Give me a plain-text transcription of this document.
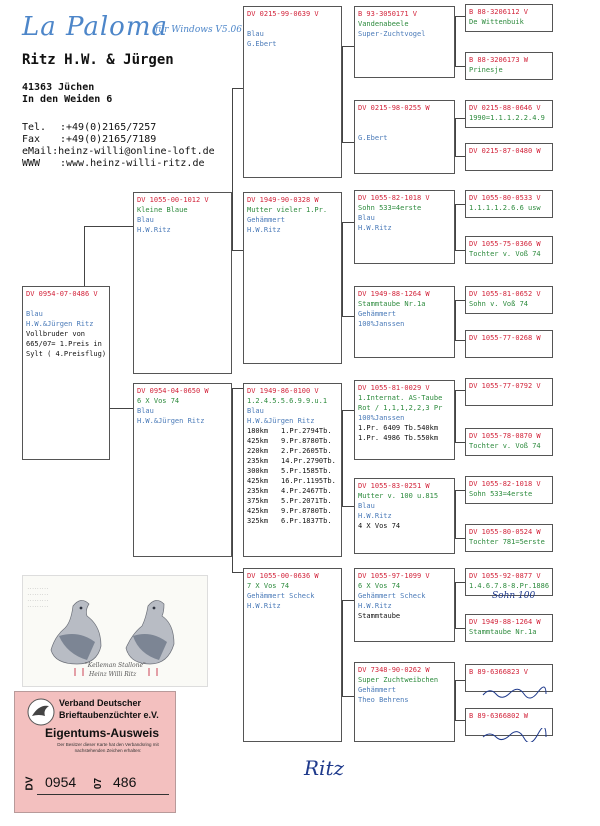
La Paloma
für Windows V5.06
Ritz H.W. & Jürgen
41363 Jüchen
In den Weiden 6
Tel.	:+49(0)2165/7257
Fax	:+49(0)2165/7189
eMail:heinz-willi@online-loft.de
WWW	:www.heinz-willi-ritz.de
DV 0954-07-0486 V

Blau
H.W.&Jürgen Ritz
Vollbruder von
665/07= 1.Preis in
Sylt ( 4.Preisflug)
DV 1055-00-1012 V
Kleine Blaue
Blau
H.W.Ritz
DV 0954-04-0650 W
6 X Vos 74
Blau
H.W.&Jürgen Ritz
DV 0215-99-0639 V

Blau
G.Ebert
DV 1949-90-0328 W
Mutter vieler 1.Pr.
Gehämmert
H.W.Ritz
DV 1949-86-0100 V
1.2.4.5.5.6.9.9.u.1
Blau
H.W.&Jürgen Ritz
180km	1.Pr.2794Tb.
425km	9.Pr.8780Tb.
220km	2.Pr.2605Tb.
235km	14.Pr.2790Tb.
300km	5.Pr.1585Tb.
425km	16.Pr.1195Tb.
235km	4.Pr.2467Tb.
375km	5.Pr.2071Tb.
425km	9.Pr.8780Tb.
325km	6.Pr.1837Tb.
DV 1055-00-0636 W
7 X Vos 74
Gehämmert Scheck
H.W.Ritz
B 93-3050171 V
Vandenabeele
Super-Zuchtvogel
DV 0215-98-0255 W

G.Ebert
DV 1055-82-1018 V
Sohn 533=4erste
Blau
H.W.Ritz
DV 1949-88-1264 W
Stammtaube Nr.1a
Gehämmert
100%Janssen
DV 1055-81-0029 V
1.Internat. AS-Taube
Rot / 1,1,1,2,2,3 Pr
100%Janssen
1.Pr. 6409 Tb.540km
1.Pr. 4986 Tb.550km
DV 1055-83-0251 W
Mutter v. 100 u.815
Blau
H.W.Ritz
4 X Vos 74
DV 1055-97-1099 V
6 X Vos 74
Gehämmert Scheck
H.W.Ritz
Stammtaube
DV 7348-90-0262 W
Super Zuchtweibchen
Gehämmert
Theo Behrens
B 88-3206112 V
De Wittenbuik
B 88-3206173 W
Prinesje
DV 0215-88-0646 V
1990=1.1.1.2.2.4.9
DV 0215-87-0480 W

DV 1055-80-0533 V
1.1.1.1.2.6.6 usw
DV 1055-75-0366 W
Tochter v. Voß 74
DV 1055-81-0652 V
Sohn v. Voß 74
DV 1055-77-0268 W

DV 1055-77-0792 V

DV 1055-78-0870 W
Tochter v. Voß 74
DV 1055-82-1018 V
Sohn 533=4erste
DV 1055-80-0524 W
Tochter 781=5erste
DV 1055-92-0877 V
1.4.6.7.8-8.Pr.1886
DV 1949-88-1264 W
Stammtaube Nr.1a
B 89-6366823 V

B 89-6366802 W

Sohn 100
·········
·········
·········
·········
"Kelleman Stallone"
Heinz Willi Ritz
Verband Deutscher
Brieftaubenzüchter e.V.
Eigentums-Ausweis
Der Besitzer dieser Karte hat den Verbandsring mit nachstehenden Zeichen erhalten:
DV 0954 07 486
Ritz
